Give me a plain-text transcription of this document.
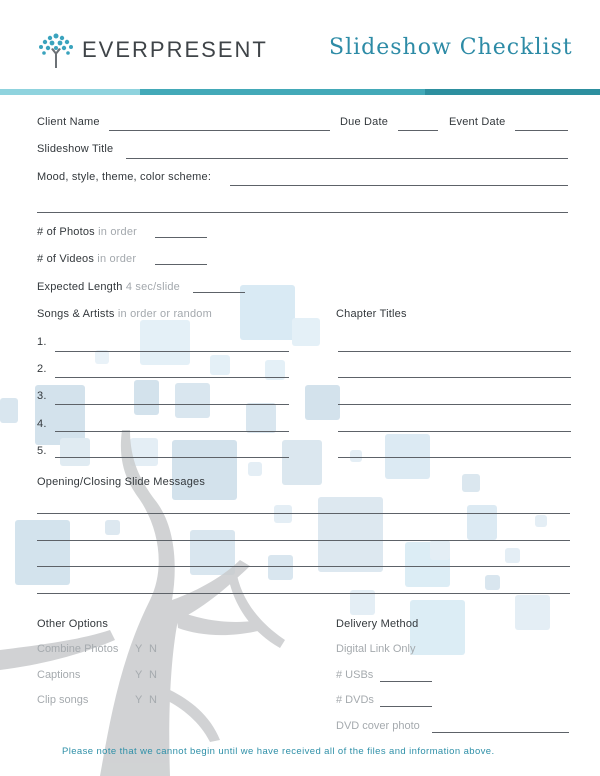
EVERPRESENT	Slideshow Checklist
Client Name	Due Date	Event Date
Slideshow Title
Mood, style, theme, color scheme:
# of Photos in order
# of Videos in order
Expected Length 4 sec/slide
Songs & Artists in order or random	Chapter Titles
1.
2.
3.
4.
5.
Opening/Closing Slide Messages
Other Options
Combine Photos Y N
Captions	Y N
Clip songs	Y N
Delivery Method
Digital Link Only
# USBs
# DVDs
DVD cover photo
Please note that we cannot begin until we have received all of the files and information above.
